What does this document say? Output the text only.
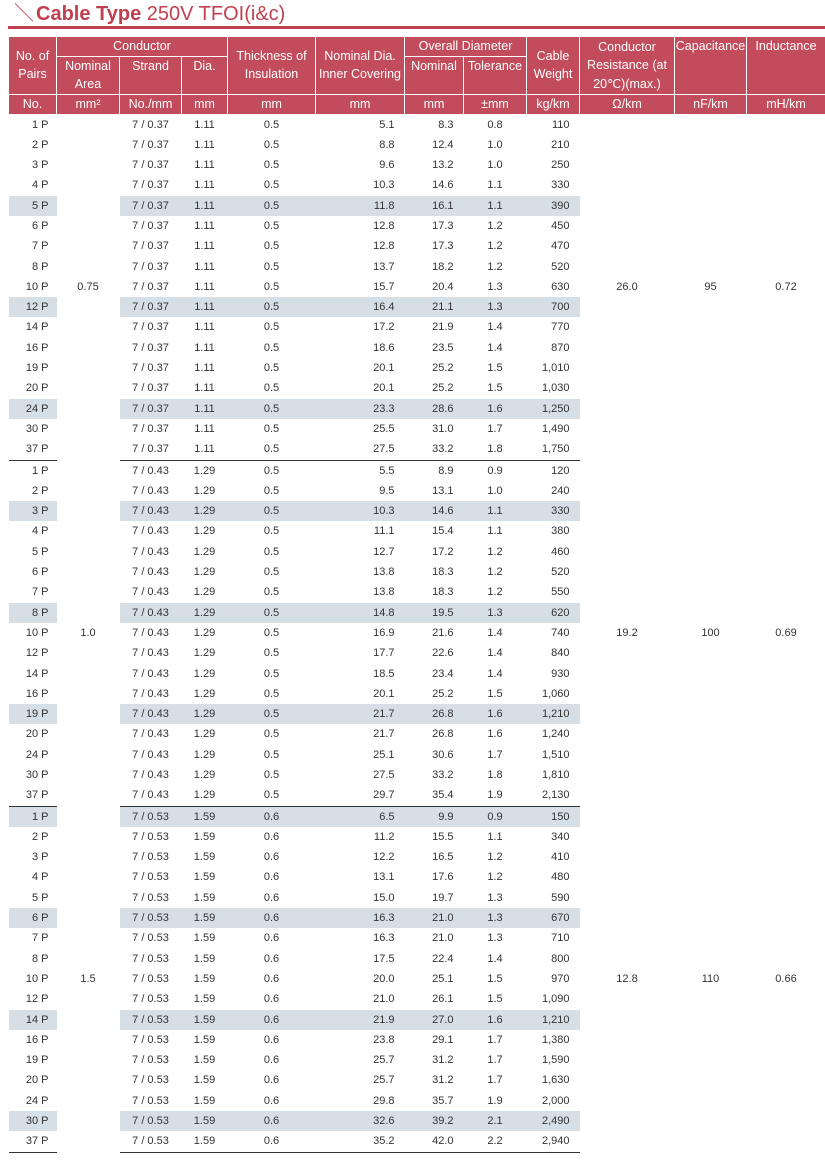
＼ Cable Type 250V TFOI(i&c)
No. of Pairs	Conductor			Thickness of Insulation	Nominal Dia. Inner Covering	Overall Diameter		Cable Weight	Conductor Resistance (at 20℃)(max.)	Capacitance	Inductance
	Nominal Area	Strand	Dia.			Nominal	Tolerance				
No.	mm²	No./mm	mm	mm	mm	mm	±mm	kg/km	Ω/km	nF/km	mH/km
1 P	0.75	7 / 0.37	1.11	0.5	5.1	8.3	0.8	110	26.0	95	0.72
2 P		7 / 0.37	1.11	0.5	8.8	12.4	1.0	210			
3 P		7 / 0.37	1.11	0.5	9.6	13.2	1.0	250			
4 P		7 / 0.37	1.11	0.5	10.3	14.6	1.1	330			
5 P		7 / 0.37	1.11	0.5	11.8	16.1	1.1	390			
6 P		7 / 0.37	1.11	0.5	12.8	17.3	1.2	450			
7 P		7 / 0.37	1.11	0.5	12.8	17.3	1.2	470			
8 P		7 / 0.37	1.11	0.5	13.7	18.2	1.2	520			
10 P		7 / 0.37	1.11	0.5	15.7	20.4	1.3	630			
12 P		7 / 0.37	1.11	0.5	16.4	21.1	1.3	700			
14 P		7 / 0.37	1.11	0.5	17.2	21.9	1.4	770			
16 P		7 / 0.37	1.11	0.5	18.6	23.5	1.4	870			
19 P		7 / 0.37	1.11	0.5	20.1	25.2	1.5	1,010			
20 P		7 / 0.37	1.11	0.5	20.1	25.2	1.5	1,030			
24 P		7 / 0.37	1.11	0.5	23.3	28.6	1.6	1,250			
30 P		7 / 0.37	1.11	0.5	25.5	31.0	1.7	1,490			
37 P		7 / 0.37	1.11	0.5	27.5	33.2	1.8	1,750			
1 P	1.0	7 / 0.43	1.29	0.5	5.5	8.9	0.9	120	19.2	100	0.69
2 P		7 / 0.43	1.29	0.5	9.5	13.1	1.0	240			
3 P		7 / 0.43	1.29	0.5	10.3	14.6	1.1	330			
4 P		7 / 0.43	1.29	0.5	11.1	15.4	1.1	380			
5 P		7 / 0.43	1.29	0.5	12.7	17.2	1.2	460			
6 P		7 / 0.43	1.29	0.5	13.8	18.3	1.2	520			
7 P		7 / 0.43	1.29	0.5	13.8	18.3	1.2	550			
8 P		7 / 0.43	1.29	0.5	14.8	19.5	1.3	620			
10 P		7 / 0.43	1.29	0.5	16.9	21.6	1.4	740			
12 P		7 / 0.43	1.29	0.5	17.7	22.6	1.4	840			
14 P		7 / 0.43	1.29	0.5	18.5	23.4	1.4	930			
16 P		7 / 0.43	1.29	0.5	20.1	25.2	1.5	1,060			
19 P		7 / 0.43	1.29	0.5	21.7	26.8	1.6	1,210			
20 P		7 / 0.43	1.29	0.5	21.7	26.8	1.6	1,240			
24 P		7 / 0.43	1.29	0.5	25.1	30.6	1.7	1,510			
30 P		7 / 0.43	1.29	0.5	27.5	33.2	1.8	1,810			
37 P		7 / 0.43	1.29	0.5	29.7	35.4	1.9	2,130			
1 P	1.5	7 / 0.53	1.59	0.6	6.5	9.9	0.9	150	12.8	110	0.66
2 P		7 / 0.53	1.59	0.6	11.2	15.5	1.1	340			
3 P		7 / 0.53	1.59	0.6	12.2	16.5	1.2	410			
4 P		7 / 0.53	1.59	0.6	13.1	17.6	1.2	480			
5 P		7 / 0.53	1.59	0.6	15.0	19.7	1.3	590			
6 P		7 / 0.53	1.59	0.6	16.3	21.0	1.3	670			
7 P		7 / 0.53	1.59	0.6	16.3	21.0	1.3	710			
8 P		7 / 0.53	1.59	0.6	17.5	22.4	1.4	800			
10 P		7 / 0.53	1.59	0.6	20.0	25.1	1.5	970			
12 P		7 / 0.53	1.59	0.6	21.0	26.1	1.5	1,090			
14 P		7 / 0.53	1.59	0.6	21.9	27.0	1.6	1,210			
16 P		7 / 0.53	1.59	0.6	23.8	29.1	1.7	1,380			
19 P		7 / 0.53	1.59	0.6	25.7	31.2	1.7	1,590			
20 P		7 / 0.53	1.59	0.6	25.7	31.2	1.7	1,630			
24 P		7 / 0.53	1.59	0.6	29.8	35.7	1.9	2,000			
30 P		7 / 0.53	1.59	0.6	32.6	39.2	2.1	2,490			
37 P		7 / 0.53	1.59	0.6	35.2	42.0	2.2	2,940			
